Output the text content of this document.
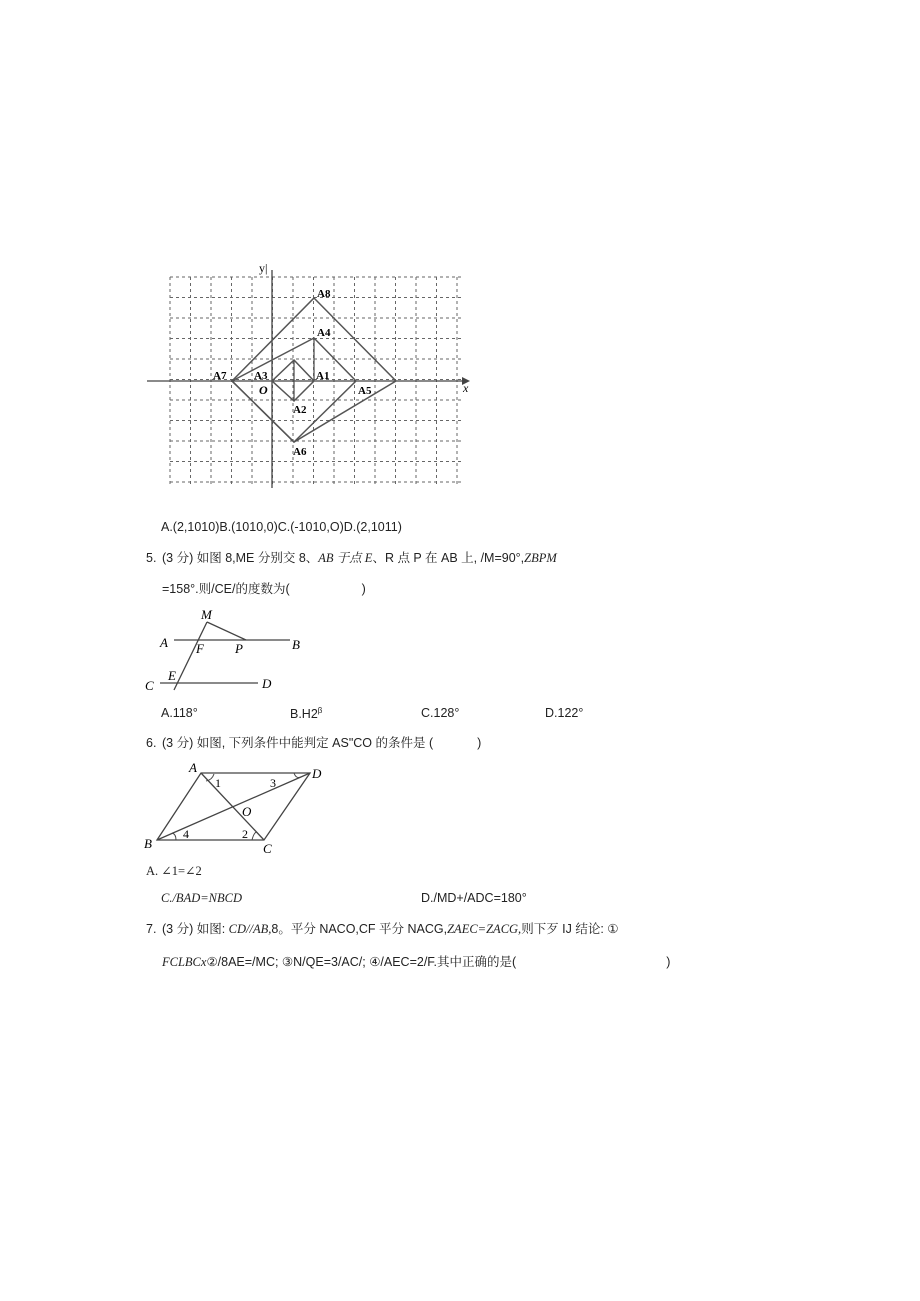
y|
x
O
A8
A4
A7	A3	A1
A5
A2
A6
A.(2,1010)B.(1010,0)C.(-1010,O)D.(2,1011)
5. (3 分) 如图 8,ME 分别交 8、AB 于点 E、R 点 P 在 AB 上, /M=90°,ZBPM
=158°.则/CE/的度数为(	)
M
A F P	B
E
C	D
A.118°	$B.H2^\beta$	C.128°	D.122°
6. (3 分) 如图, 下列条件中能判定 AS"CO 的条件是 (	)
A	D
B	C
O
1	3
4	2
A. ∠1=∠2
C./BAD=NBCD	D./MD+/ADC=180°
7. (3 分) 如图: CD//AB,8。平分 NACO,CF 平分 NACG,ZAEC=ZACG,则下歹 IJ 结论: ①
FCLBCx②/8AE=/MC; ③N/QE=3/AC/; ④/AEC=2/F.其中正确的是(	)
